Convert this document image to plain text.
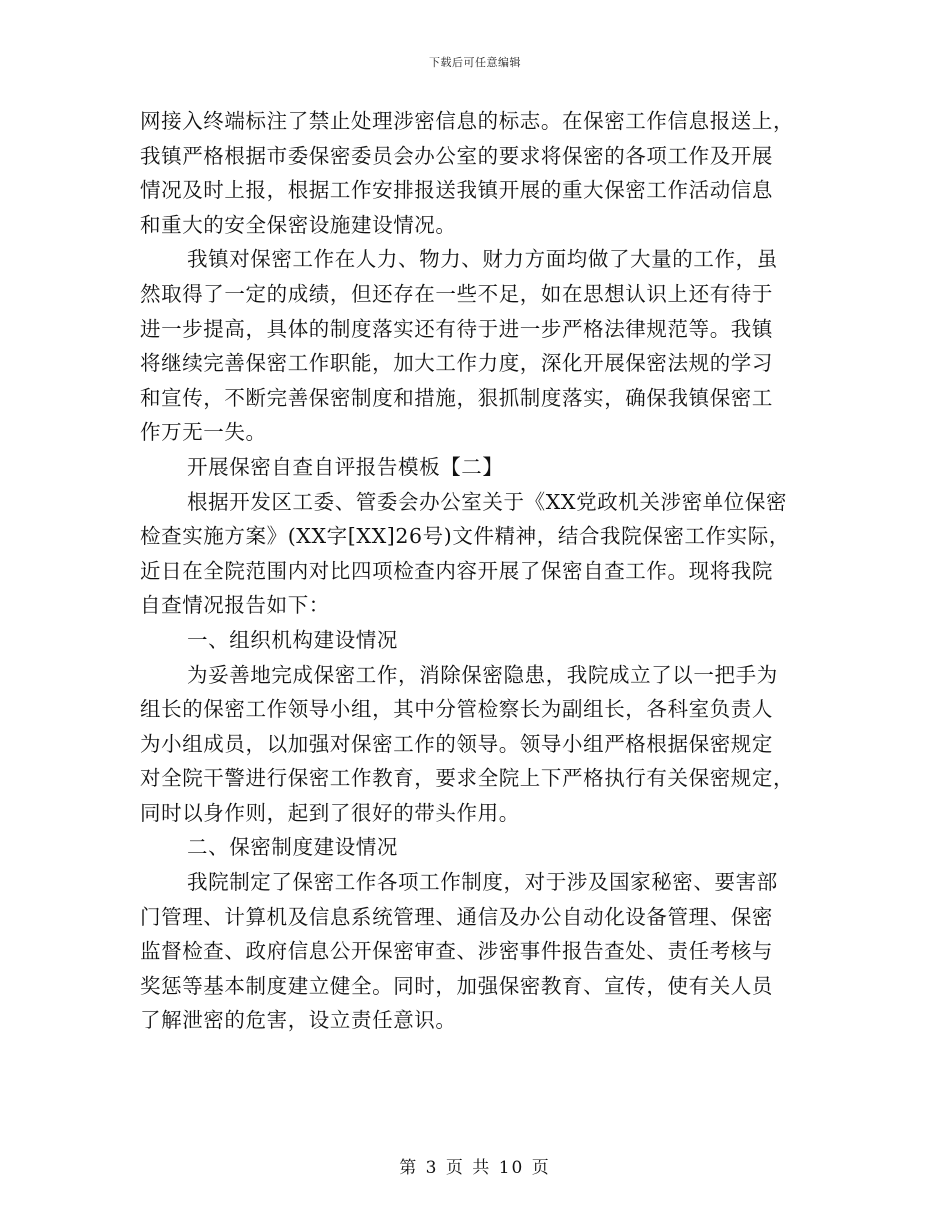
下载后可任意编辑
网接入终端标注了禁止处理涉密信息的标志。在保密工作信息报送上，
我镇严格根据市委保密委员会办公室的要求将保密的各项工作及开展
情况及时上报，根据工作安排报送我镇开展的重大保密工作活动信息
和重大的安全保密设施建设情况。
我镇对保密工作在人力、物力、财力方面均做了大量的工作，虽
然取得了一定的成绩，但还存在一些不足，如在思想认识上还有待于
进一步提高，具体的制度落实还有待于进一步严格法律规范等。我镇
将继续完善保密工作职能，加大工作力度，深化开展保密法规的学习
和宣传，不断完善保密制度和措施，狠抓制度落实，确保我镇保密工
作万无一失。
开展保密自查自评报告模板【二】
根据开发区工委、管委会办公室关于《XX党政机关涉密单位保密
检查实施方案》(XX字[XX]26号)文件精神，结合我院保密工作实际，
近日在全院范围内对比四项检查内容开展了保密自查工作。现将我院
自查情况报告如下：
一、组织机构建设情况
为妥善地完成保密工作，消除保密隐患，我院成立了以一把手为
组长的保密工作领导小组，其中分管检察长为副组长，各科室负责人
为小组成员，以加强对保密工作的领导。领导小组严格根据保密规定
对全院干警进行保密工作教育，要求全院上下严格执行有关保密规定，
同时以身作则，起到了很好的带头作用。
二、保密制度建设情况
我院制定了保密工作各项工作制度，对于涉及国家秘密、要害部
门管理、计算机及信息系统管理、通信及办公自动化设备管理、保密
监督检查、政府信息公开保密审查、涉密事件报告查处、责任考核与
奖惩等基本制度建立健全。同时，加强保密教育、宣传，使有关人员
了解泄密的危害，设立责任意识。
第 3 页 共 10 页
